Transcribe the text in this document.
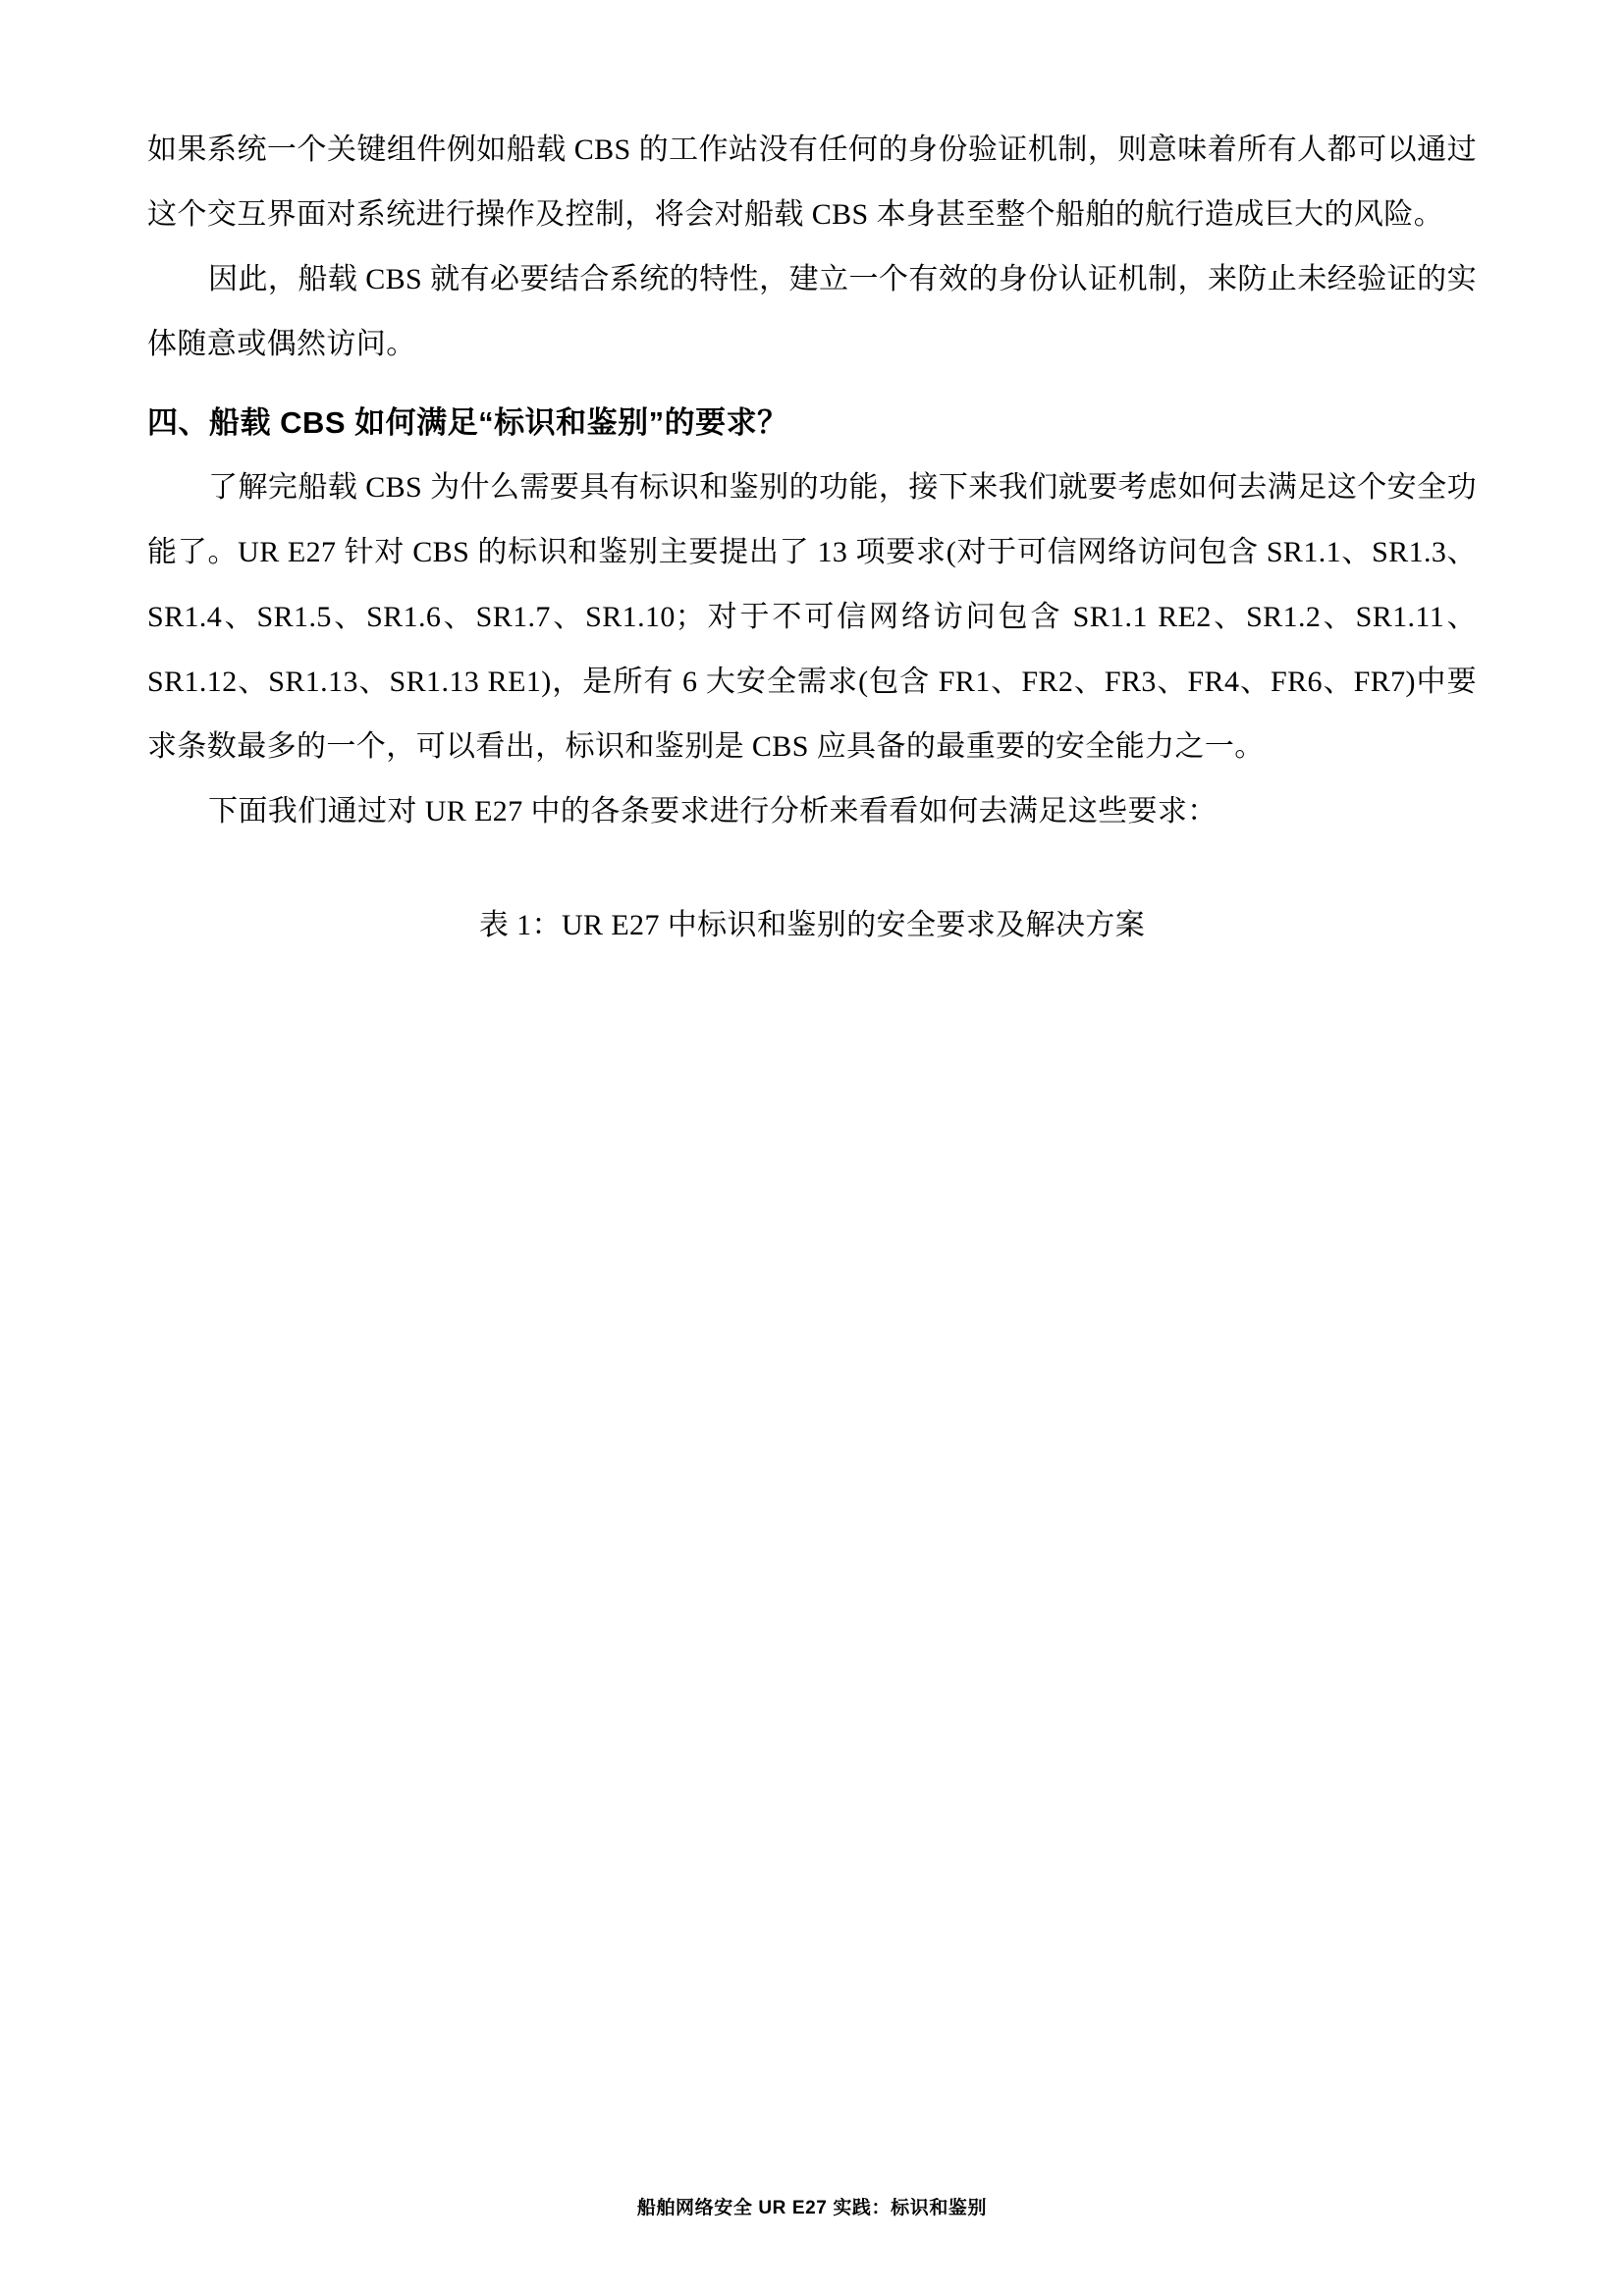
如果系统一个关键组件例如船载 CBS 的工作站没有任何的身份验证机制，则意味着所有人都可以通过这个交互界面对系统进行操作及控制，将会对船载 CBS 本身甚至整个船舶的航行造成巨大的风险。

因此，船载 CBS 就有必要结合系统的特性，建立一个有效的身份认证机制，来防止未经验证的实体随意或偶然访问。

四、船载 CBS 如何满足“标识和鉴别”的要求？

了解完船载 CBS 为什么需要具有标识和鉴别的功能，接下来我们就要考虑如何去满足这个安全功能了。UR E27 针对 CBS 的标识和鉴别主要提出了 13 项要求(对于可信网络访问包含 SR1.1、SR1.3、SR1.4、SR1.5、SR1.6、SR1.7、SR1.10；对于不可信网络访问包含 SR1.1 RE2、SR1.2、SR1.11、SR1.12、SR1.13、SR1.13 RE1)，是所有 6 大安全需求(包含 FR1、FR2、FR3、FR4、FR6、FR7)中要求条数最多的一个，可以看出，标识和鉴别是 CBS 应具备的最重要的安全能力之一。

下面我们通过对 UR E27 中的各条要求进行分析来看看如何去满足这些要求：

表 1：UR E27 中标识和鉴别的安全要求及解决方案
船舶网络安全 UR E27 实践：标识和鉴别
